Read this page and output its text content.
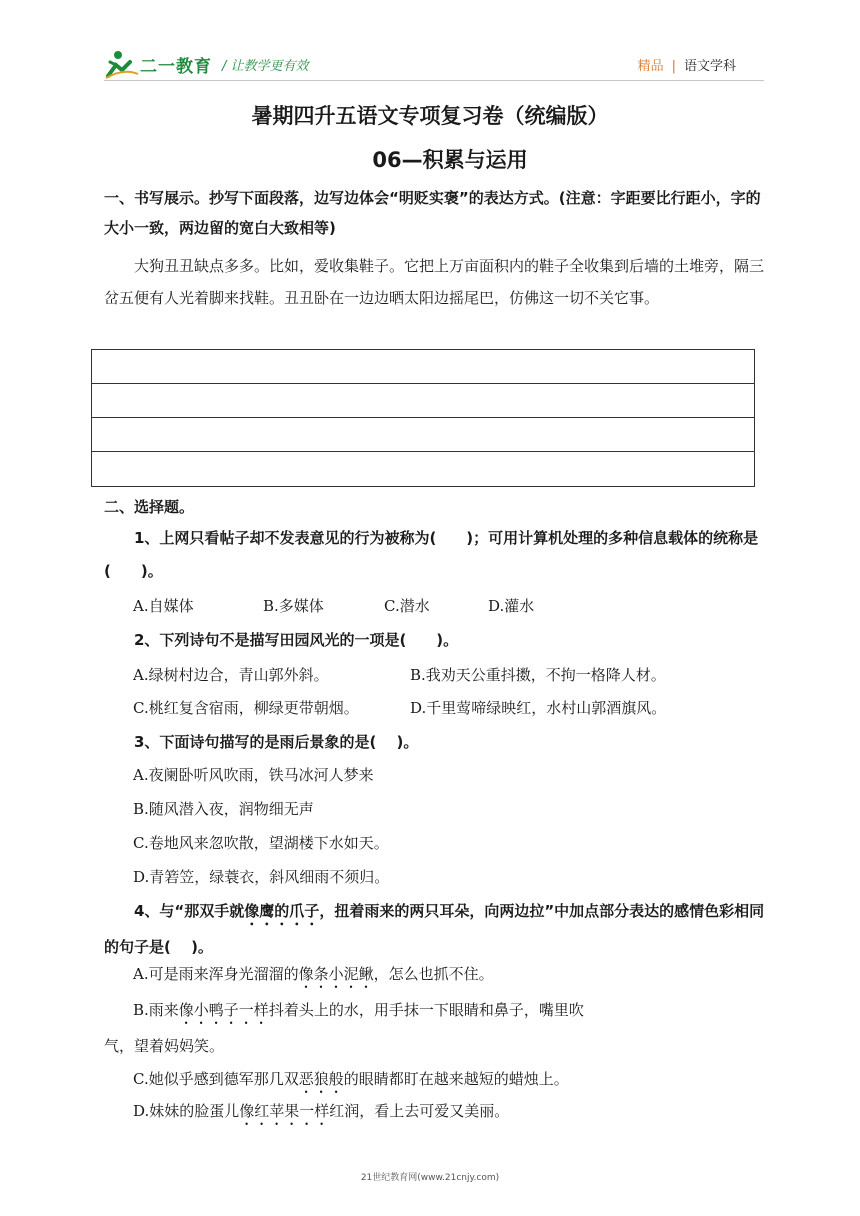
二一教育 / 让教学更有效	精品 | 语文学科
暑期四升五语文专项复习卷（统编版）
06—积累与运用
一、书写展示。抄写下面段落，边写边体会“明贬实褒”的表达方式。(注意：字距要比行距小，字的大小一致，两边留的宽白大致相等)
大狗丑丑缺点多多。比如，爱收集鞋子。它把上万亩面积内的鞋子全收集到后墙的土堆旁，隔三岔五便有人光着脚来找鞋。丑丑卧在一边边晒太阳边摇尾巴，仿佛这一切不关它事。
二、选择题。
1、上网只看帖子却不发表意见的行为被称为(　　)；可用计算机处理的多种信息载体的统称是(　　)。
A.自媒体	B.多媒体	C.潜水	D.灌水
2、下列诗句不是描写田园风光的一项是(　　)。
A.绿树村边合，青山郭外斜。	B.我劝天公重抖擞，不拘一格降人材。
C.桃红复含宿雨，柳绿更带朝烟。	D.千里莺啼绿映红，水村山郭酒旗风。
3、下面诗句描写的是雨后景象的是(　 )。
A.夜阑卧听风吹雨，铁马冰河人梦来
B.随风潜入夜，润物细无声
C.卷地风来忽吹散，望湖楼下水如天。
D.青箬笠，绿蓑衣，斜风细雨不须归。
4、与“那双手就像鹰的爪子，扭着雨来的两只耳朵，向两边拉”中加点部分表达的感情色彩相同的句子是(　 )。
A.可是雨来浑身光溜溜的像条小泥鳅，怎么也抓不住。
B.雨来像小鸭子一样抖着头上的水，用手抹一下眼睛和鼻子，嘴里吹
气，望着妈妈笑。
C.她似乎感到德军那几双恶狼般的眼睛都盯在越来越短的蜡烛上。
D.妹妹的脸蛋儿像红苹果一样红润，看上去可爱又美丽。
21世纪教育网(www.21cnjy.com)
